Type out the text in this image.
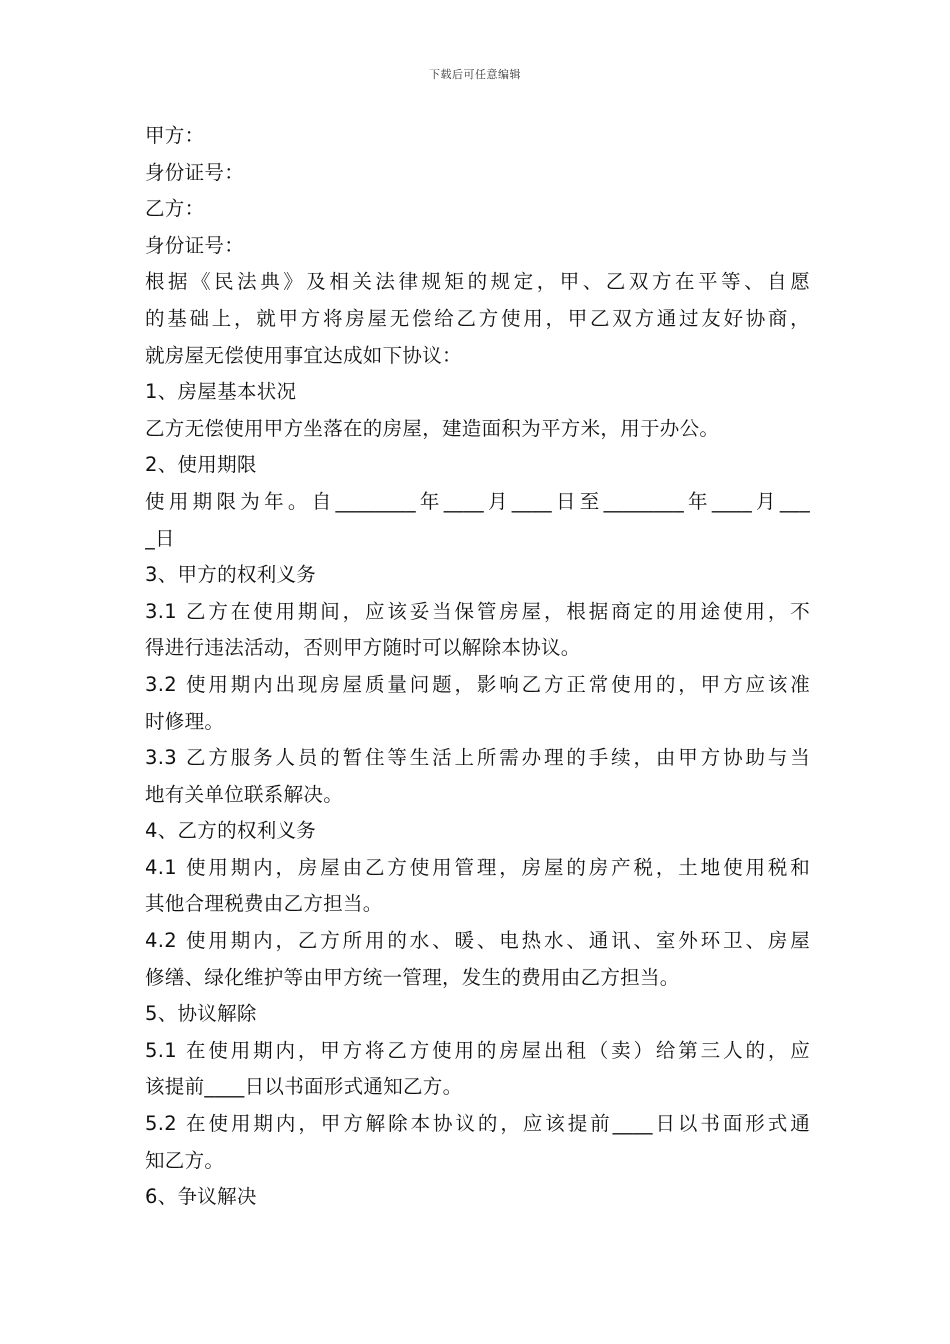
下载后可任意编辑
甲方：
身份证号：
乙方：
身份证号：
根据《民法典》及相关法律规矩的规定，甲、乙双方在平等、自愿
的基础上，就甲方将房屋无偿给乙方使用，甲乙双方通过友好协商，
就房屋无偿使用事宜达成如下协议：
1、房屋基本状况
乙方无偿使用甲方坐落在的房屋，建造面积为平方米，用于办公。
2、使用期限
使用期限为年。自________年____月____日至________年____月___
_日
3、甲方的权利义务
3.1 乙方在使用期间，应该妥当保管房屋，根据商定的用途使用，不
得进行违法活动，否则甲方随时可以解除本协议。
3.2 使用期内出现房屋质量问题，影响乙方正常使用的，甲方应该准
时修理。
3.3 乙方服务人员的暂住等生活上所需办理的手续，由甲方协助与当
地有关单位联系解决。
4、乙方的权利义务
4.1 使用期内，房屋由乙方使用管理，房屋的房产税，土地使用税和
其他合理税费由乙方担当。
4.2 使用期内，乙方所用的水、暖、电热水、通讯、室外环卫、房屋
修缮、绿化维护等由甲方统一管理，发生的费用由乙方担当。
5、协议解除
5.1 在使用期内，甲方将乙方使用的房屋出租（卖）给第三人的，应
该提前____日以书面形式通知乙方。
5.2 在使用期内，甲方解除本协议的，应该提前____日以书面形式通
知乙方。
6、争议解决
